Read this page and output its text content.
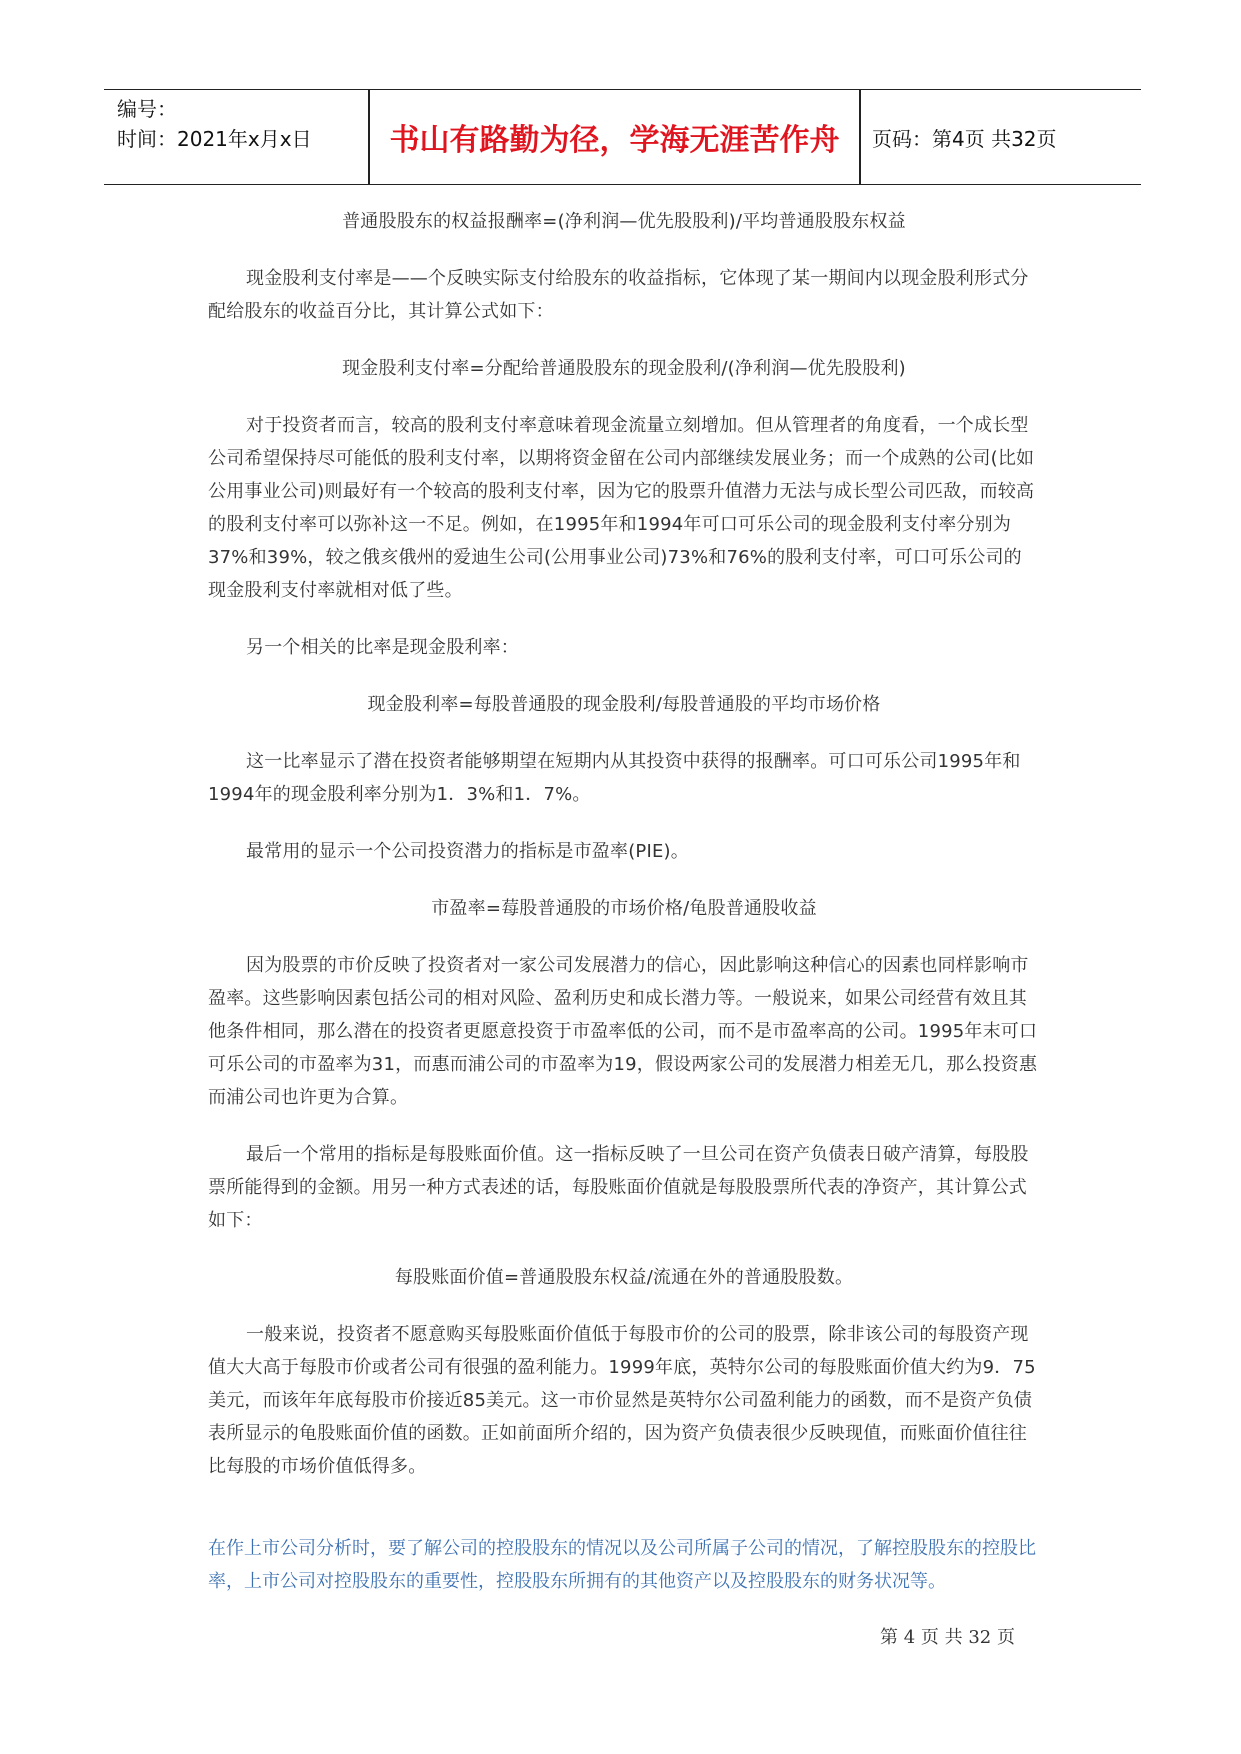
编号：
时间：2021年x月x日	书山有路勤为径，学海无涯苦作舟	页码：第4页 共32页

普通股股东的权益报酬率=(净利润—优先股股利)/平均普通股股东权益

现金股利支付率是——个反映实际支付给股东的收益指标，它体现了某一期间内以现金股利形式分配给股东的收益百分比，其计算公式如下：

现金股利支付率=分配给普通股股东的现金股利/(净利润—优先股股利)

对于投资者而言，较高的股利支付率意味着现金流量立刻增加。但从管理者的角度看，一个成长型公司希望保持尽可能低的股利支付率，以期将资金留在公司内部继续发展业务；而一个成熟的公司(比如公用事业公司)则最好有一个较高的股利支付率，因为它的股票升值潜力无法与成长型公司匹敌，而较高的股利支付率可以弥补这一不足。例如，在1995年和1994年可口可乐公司的现金股利支付率分别为37%和39%，较之俄亥俄州的爱迪生公司(公用事业公司)73%和76%的股利支付率，可口可乐公司的现金股利支付率就相对低了些。

另一个相关的比率是现金股利率：

现金股利率=每股普通股的现金股利/每股普通股的平均市场价格

这一比率显示了潜在投资者能够期望在短期内从其投资中获得的报酬率。可口可乐公司1995年和1994年的现金股利率分别为1．3%和1．7%。

最常用的显示一个公司投资潜力的指标是市盈率(PIE)。

市盈率=莓股普通股的市场价格/龟股普通股收益

因为股票的市价反映了投资者对一家公司发展潜力的信心，因此影响这种信心的因素也同样影响市盈率。这些影响因素包括公司的相对风险、盈利历史和成长潜力等。一般说来，如果公司经营有效且其他条件相同，那么潜在的投资者更愿意投资于市盈率低的公司，而不是市盈率高的公司。1995年末可口可乐公司的市盈率为31，而惠而浦公司的市盈率为19，假设两家公司的发展潜力相差无几，那么投资惠而浦公司也许更为合算。

最后一个常用的指标是每股账面价值。这一指标反映了一旦公司在资产负债表日破产清算，每股股票所能得到的金额。用另一种方式表述的话，每股账面价值就是每股股票所代表的净资产，其计算公式如下：

每股账面价值=普通股股东权益/流通在外的普通股股数。

一般来说，投资者不愿意购买每股账面价值低于每股市价的公司的股票，除非该公司的每股资产现值大大高于每股市价或者公司有很强的盈利能力。1999年底，英特尔公司的每股账面价值大约为9．75美元，而该年年底每股市价接近85美元。这一市价显然是英特尔公司盈利能力的函数，而不是资产负债表所显示的龟股账面价值的函数。正如前面所介绍的，因为资产负债表很少反映现值，而账面价值往往比每股的市场价值低得多。

在作上市公司分析时，要了解公司的控股股东的情况以及公司所属子公司的情况，了解控股股东的控股比率，上市公司对控股股东的重要性，控股股东所拥有的其他资产以及控股股东的财务状况等。
第 4 页 共 32 页
